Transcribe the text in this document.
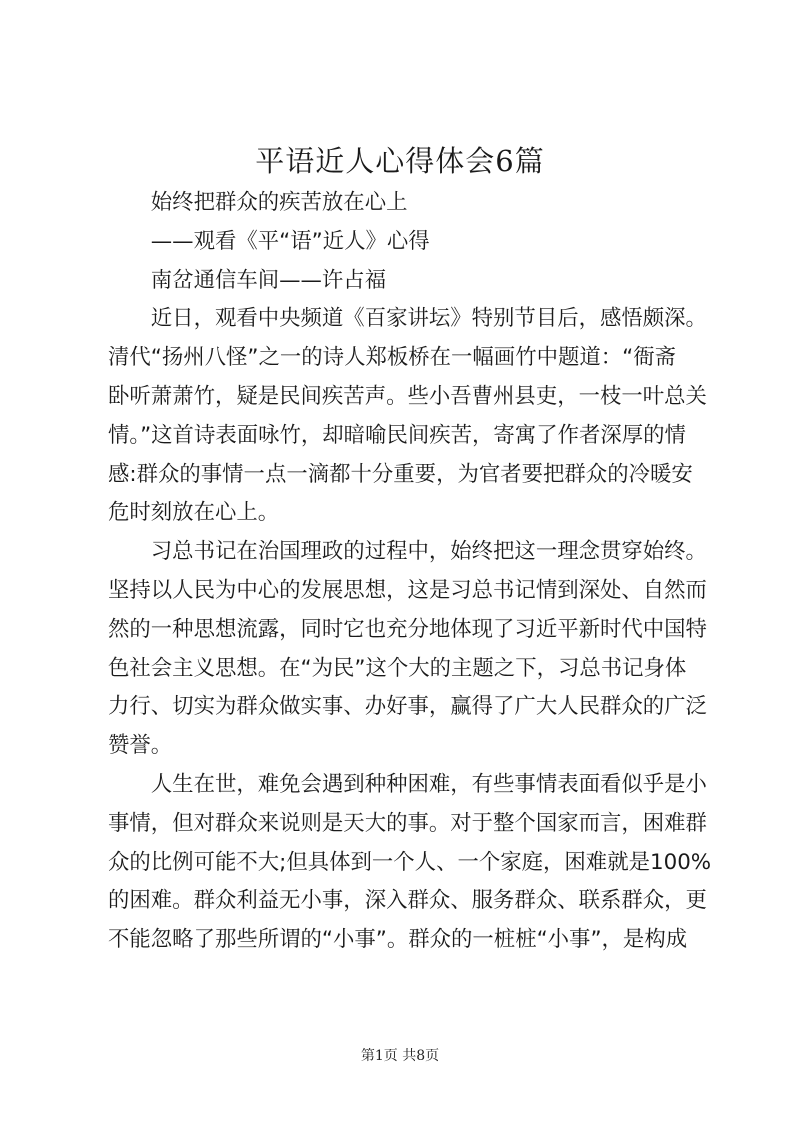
平语近人心得体会6篇
　　始终把群众的疾苦放在心上
　　——观看《平“语”近人》心得
　　南岔通信车间——许占福
　　近日，观看中央频道《百家讲坛》特别节目后，感悟颇深。
清代“扬州八怪”之一的诗人郑板桥在一幅画竹中题道：“衙斋
卧听萧萧竹，疑是民间疾苦声。些小吾曹州县吏，一枝一叶总关
情。”这首诗表面咏竹，却暗喻民间疾苦，寄寓了作者深厚的情
感:群众的事情一点一滴都十分重要，为官者要把群众的冷暖安
危时刻放在心上。
　　习总书记在治国理政的过程中，始终把这一理念贯穿始终。
坚持以人民为中心的发展思想，这是习总书记情到深处、自然而
然的一种思想流露，同时它也充分地体现了习近平新时代中国特
色社会主义思想。在“为民”这个大的主题之下，习总书记身体
力行、切实为群众做实事、办好事，赢得了广大人民群众的广泛
赞誉。
　　人生在世，难免会遇到种种困难，有些事情表面看似乎是小
事情，但对群众来说则是天大的事。对于整个国家而言，困难群
众的比例可能不大;但具体到一个人、一个家庭，困难就是100%
的困难。群众利益无小事，深入群众、服务群众、联系群众，更
不能忽略了那些所谓的“小事”。群众的一桩桩“小事”，是构成
第1页 共8页
